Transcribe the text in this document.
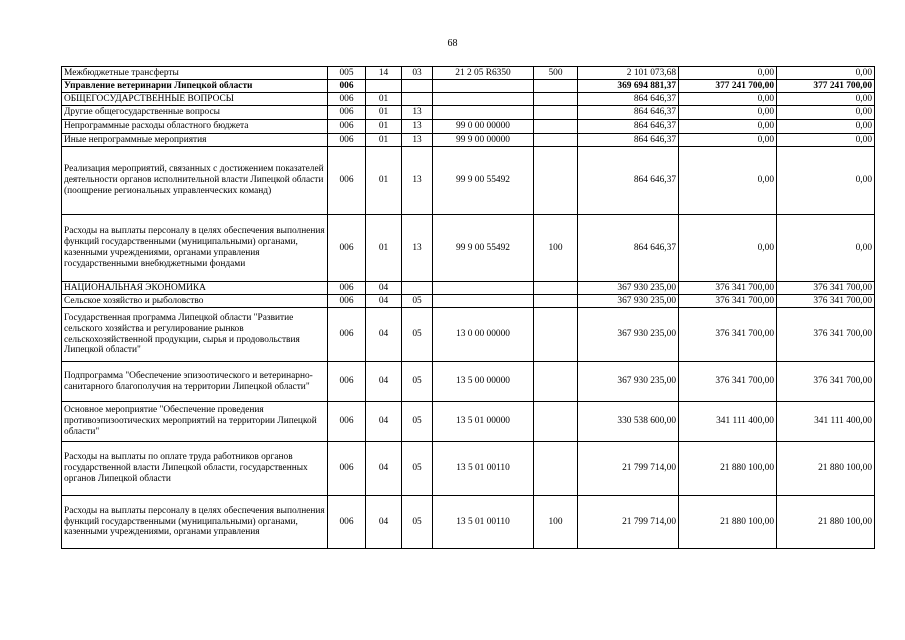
68
Межбюджетные трансферты	005	14	03	21 2 05 R6350	500	2 101 073,68	0,00	0,00
Управление ветеринарии Липецкой области	006					369 694 881,37	377 241 700,00	377 241 700,00
ОБЩЕГОСУДАРСТВЕННЫЕ ВОПРОСЫ	006	01				864 646,37	0,00	0,00
Другие общегосударственные вопросы	006	01	13			864 646,37	0,00	0,00
Непрограммные расходы областного бюджета	006	01	13	99 0 00 00000		864 646,37	0,00	0,00
Иные непрограммные мероприятия	006	01	13	99 9 00 00000		864 646,37	0,00	0,00
Реализация мероприятий, связанных с достижением показателей деятельности органов исполнительной власти Липецкой области (поощрение региональных управленческих команд)	006	01	13	99 9 00 55492		864 646,37	0,00	0,00
Расходы на выплаты персоналу в целях обеспечения выполнения функций государственными (муниципальными) органами, казенными учреждениями, органами управления государственными внебюджетными фондами	006	01	13	99 9 00 55492	100	864 646,37	0,00	0,00
НАЦИОНАЛЬНАЯ ЭКОНОМИКА	006	04				367 930 235,00	376 341 700,00	376 341 700,00
Сельское хозяйство и рыболовство	006	04	05			367 930 235,00	376 341 700,00	376 341 700,00
Государственная программа Липецкой области "Развитие сельского хозяйства и регулирование рынков сельскохозяйственной продукции, сырья и продовольствия Липецкой области"	006	04	05	13 0 00 00000		367 930 235,00	376 341 700,00	376 341 700,00
Подпрограмма "Обеспечение эпизоотического и ветеринарно-санитарного благополучия на территории Липецкой области"	006	04	05	13 5 00 00000		367 930 235,00	376 341 700,00	376 341 700,00
Основное мероприятие "Обеспечение проведения противоэпизоотических мероприятий на территории Липецкой области"	006	04	05	13 5 01 00000		330 538 600,00	341 111 400,00	341 111 400,00
Расходы на выплаты по оплате труда работников органов государственной власти Липецкой области, государственных органов Липецкой области	006	04	05	13 5 01 00110		21 799 714,00	21 880 100,00	21 880 100,00
Расходы на выплаты персоналу в целях обеспечения выполнения функций государственными (муниципальными) органами, казенными учреждениями, органами управления	006	04	05	13 5 01 00110	100	21 799 714,00	21 880 100,00	21 880 100,00
